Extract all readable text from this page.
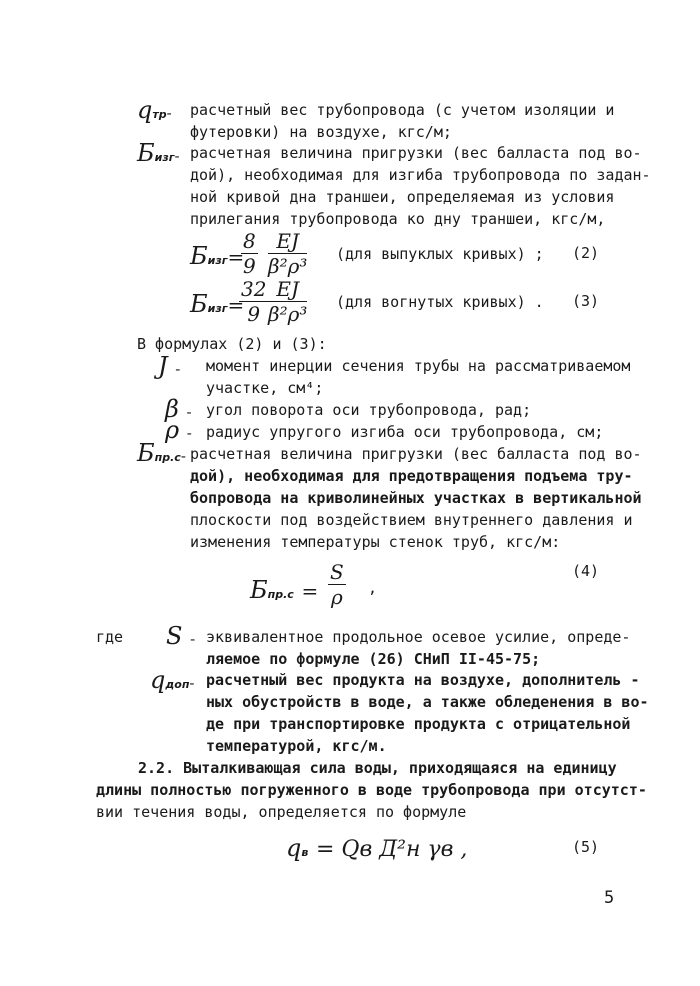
qтр- расчетный вес трубопровода (с учетом изоляции и
футеровки) на воздухе, кгс/м;
Бизг- расчетная величина пригрузки (вес балласта под во-
дой), необходимая для изгиба трубопровода по задан-
ной кривой дна траншеи, определяемая из условия
прилегания трубопровода ко дну траншеи, кгс/м,
Бизг=
$\frac{8}{9} \frac{EJ}{\text{β²ρ³}} (для$ выпуклых кривых) ; (2)
Бизг=
$\frac{32}{9} \frac{EJ}{\text{β²ρ³}} (для$ вогнутых кривых) . (3)
В формулах (2) и (3):
J - момент инерции сечения трубы на рассматриваемом
участке, см⁴;
β - угол поворота оси трубопровода, рад;
ρ - радиус упругого изгиба оси трубопровода, см;
Бпр.с- расчетная величина пригрузки (вес балласта под во-
дой), необходимая для предотвращения подъема тру-
бопровода на криволинейных участках в вертикальной
плоскости под воздействием внутреннего давления и
изменения температуры стенок труб, кгс/м:
$Бпр.с = \frac{S}{\rho}$ ,
(4)
где S - эквивалентное продольное осевое усилие, опреде-
ляемое по формуле (26) СНиП II-45-75;
qдоп- расчетный вес продукта на воздухе, дополнитель -
ных обустройств в воде, а также обледенения в во-
де при транспортировке продукта с отрицательной
температурой, кгс/м.
2.2. Выталкивающая сила воды, приходящаяся на единицу
длины полностью погруженного в воде трубопровода при отсутст-
вии течения воды, определяется по формуле
qв = Qв Д²н γв ,	(5)
5
